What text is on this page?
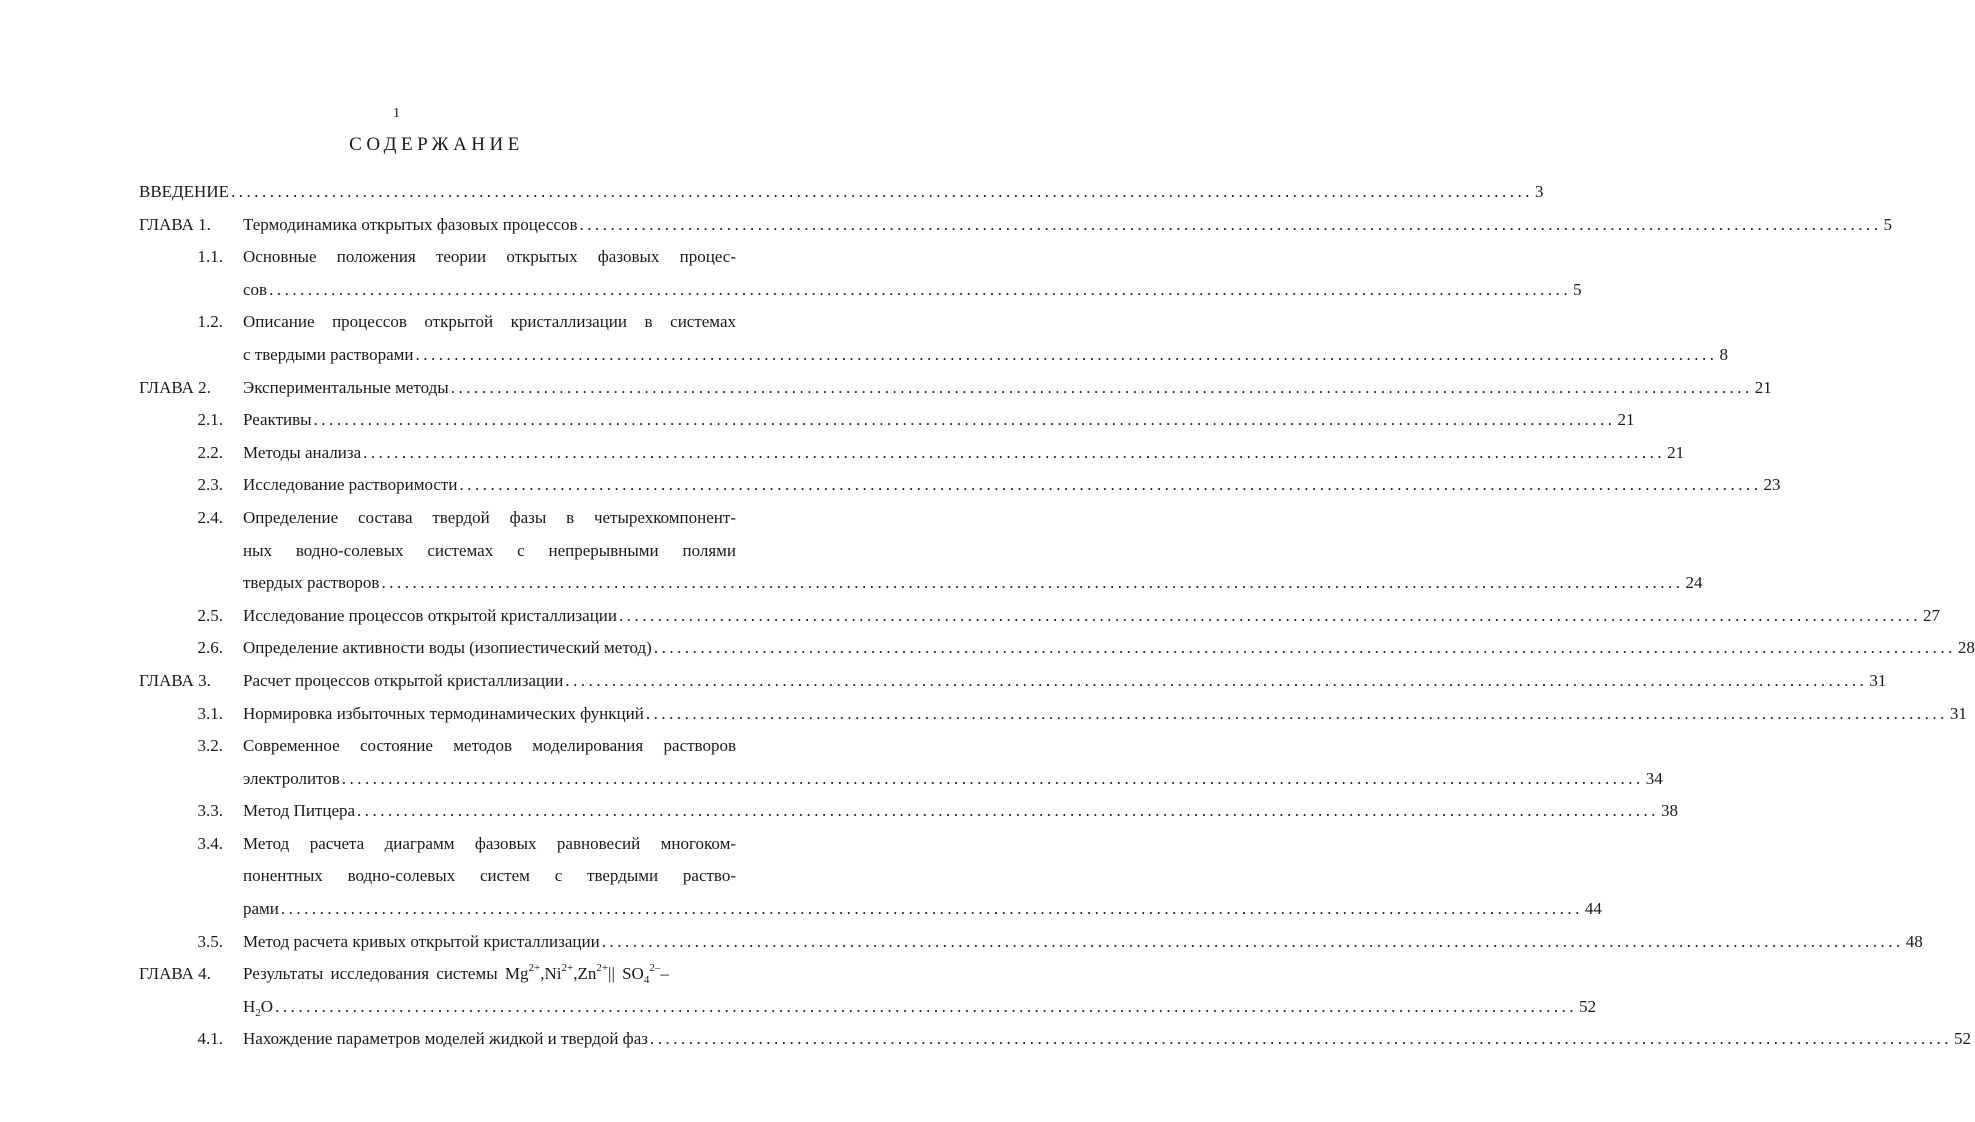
1
СОДЕРЖАНИЕ
ВВЕДЕНИЕ ........................................................................................................................................................................ 3
ГЛАВА 1.	Термодинамика открытых фазовых процессов ........................................................................................................................................................................ 5
1.1. Основные положения теории открытых фазовых процес-
сов ........................................................................................................................................................................ 5
1.2. Описание процессов открытой кристаллизации в системах
с твердыми растворами ........................................................................................................................................................................ 8
ГЛАВА 2.	Экспериментальные методы ........................................................................................................................................................................ 21
2.1. Реактивы ........................................................................................................................................................................ 21
2.2. Методы анализа ........................................................................................................................................................................ 21
2.3. Исследование растворимости ........................................................................................................................................................................ 23
2.4. Определение состава твердой фазы в четырехкомпонент-
ных водно-солевых системах с непрерывными полями
твердых растворов ........................................................................................................................................................................ 24
2.5. Исследование процессов открытой кристаллизации ........................................................................................................................................................................ 27
2.6. Определение активности воды (изопиестический метод) ........................................................................................................................................................................ 28
ГЛАВА 3.	Расчет процессов открытой кристаллизации ........................................................................................................................................................................ 31
3.1. Нормировка избыточных термодинамических функций ........................................................................................................................................................................ 31
3.2. Современное состояние методов моделирования растворов
электролитов ........................................................................................................................................................................ 34
3.3. Метод Питцера ........................................................................................................................................................................ 38
3.4. Метод расчета диаграмм фазовых равновесий многоком-
понентных водно-солевых систем с твердыми раство-
рами ........................................................................................................................................................................ 44
3.5. Метод расчета кривых открытой кристаллизации ........................................................................................................................................................................ 48
ГЛАВА 4.	Результаты исследования системы $Mg^{2+},Ni^{2+},Zn^{2+}||$ $SO_4^{2-}-$
$H_2O$ ........................................................................................................................................................................ 52
4.1. Нахождение параметров моделей жидкой и твердой фаз ........................................................................................................................................................................ 52
